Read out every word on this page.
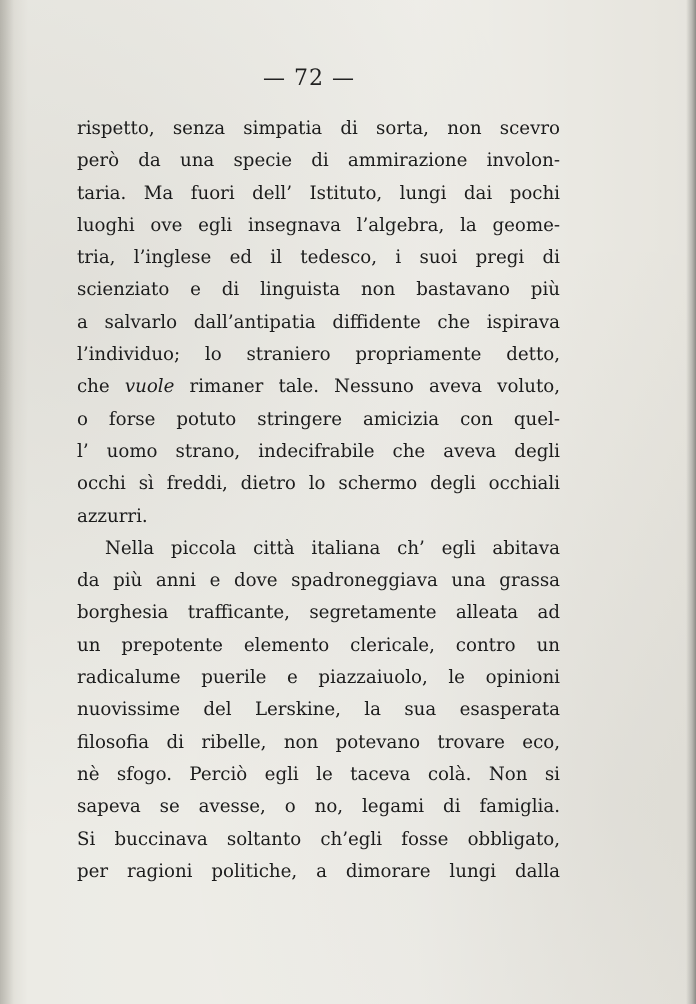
— 72 —
rispetto, senza simpatia di sorta, non scevro
però da una specie di ammirazione involon-
taria. Ma fuori dell’ Istituto, lungi dai pochi
luoghi ove egli insegnava l’algebra, la geome-
tria, l’inglese ed il tedesco, i suoi pregi di
scienziato e di linguista non bastavano più
a salvarlo dall’antipatia diffidente che ispirava
l’individuo; lo straniero propriamente detto,
che vuole rimaner tale. Nessuno aveva voluto,
o forse potuto stringere amicizia con quel-
l’ uomo strano, indecifrabile che aveva degli
occhi sì freddi, dietro lo schermo degli occhiali
azzurri.
Nella piccola città italiana ch’ egli abitava
da più anni e dove spadroneggiava una grassa
borghesia trafficante, segretamente alleata ad
un prepotente elemento clericale, contro un
radicalume puerile e piazzaiuolo, le opinioni
nuovissime del Lerskine, la sua esasperata
filosofia di ribelle, non potevano trovare eco,
nè sfogo. Perciò egli le taceva colà. Non si
sapeva se avesse, o no, legami di famiglia.
Si buccinava soltanto ch’egli fosse obbligato,
per ragioni politiche, a dimorare lungi dalla
